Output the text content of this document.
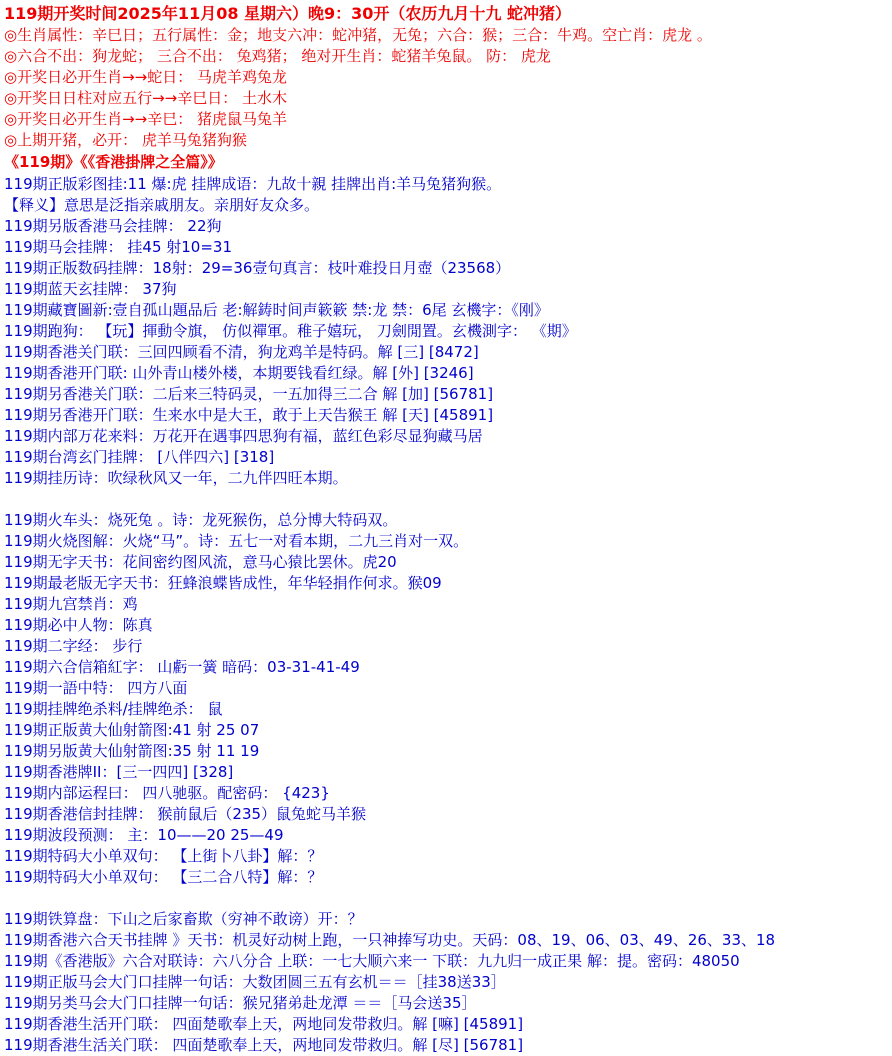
119期开奖时间2025年11月08 星期六）晚9：30开（农历九月十九 蛇冲猪）
◎生肖属性：辛巳日；五行属性：金；地支六冲：蛇冲猪，无兔；六合：猴；三合：牛鸡。空亡肖：虎龙 。
◎六合不出：狗龙蛇； 三合不出： 兔鸡猪； 绝对开生肖：蛇猪羊兔鼠。 防： 虎龙
◎开奖日必开生肖→→蛇日： 马虎羊鸡兔龙
◎开奖日日柱对应五行→→辛巳日： 土水木
◎开奖日必开生肖→→辛巳： 猪虎鼠马兔羊
◎上期开猪，必开： 虎羊马兔猪狗猴
《119期》《《香港掛牌之全篇》》
119期正版彩图挂:11 爆:虎 挂牌成语：九故十親 挂牌出肖:羊马兔猪狗猴。
【释义】意思是泛指亲戚朋友。亲朋好友众多。
119期另版香港马会挂牌： 22狗
119期马会挂牌： 挂45 射10=31
119期正版数码挂牌：18射：29=36壹句真言：枝叶难投日月壺（23568）
119期蓝天玄挂牌： 37狗
119期藏寶圖新:壹自孤山題品后 老:解鋳时间声簌簌 禁:龙 禁：6尾 玄機字：《刚》
119期跑狗： 【玩】揮動令旗， 仿似禪軍。稚子嬉玩， 刀劍閒置。玄機測字： 《期》
119期香港关门联：三回四顾看不清，狗龙鸡羊是特码。解 [三] [8472]
119期香港开门联: 山外青山楼外楼，本期要钱看红绿。解 [外] [3246]
119期另香港关门联：二后来三特码灵，一五加得三二合 解 [加] [56781]
119期另香港开门联：生来水中是大王，敢于上天告猴王 解 [天] [45891]
119期内部万花来料：万花开在遇事四思狗有福，蓝红色彩尽显狗藏马居
119期台湾玄门挂牌： [八伴四六] [318]
119期挂历诗：吹绿秋风又一年，二九伴四旺本期。

119期火车头：烧死兔 。诗：龙死猴伤，总分博大特码双。
119期火烧图解：火烧“马”。诗：五七一对看本期，二九三肖对一双。
119期无字天书：花间密约图风流，意马心猿比罢休。虎20
119期最老版无字天书：狂蜂浪蝶皆成性，年华轻捐作何求。猴09
119期九宫禁肖：鸡
119期必中人物：陈真
119期二字经： 步行
119期六合信箱紅字： 山虧一簧 暗码：03-31-41-49
119期一語中特： 四方八面
119期挂牌绝杀料/挂牌绝杀： 鼠
119期正版黄大仙射箭图:41 射 25 07
119期另版黄大仙射箭图:35 射 11 19
119期香港牌II：[三一四四] [328]
119期内部运程曰： 四八驰驱。配密码： {423}
119期香港信封挂牌： 猴前鼠后（235）鼠兔蛇马羊猴
119期波段预测： 主：10——20 25—49
119期特码大小单双句： 【上街卜八卦】解：？
119期特码大小单双句： 【三二合八特】解：？

119期铁算盘：下山之后家畜欺（穷神不敢谤）开：？
119期香港六合天书挂牌 》天书：机灵好动树上跑，一只神捧写功史。天码：08、19、06、03、49、26、33、18
119期《香港版》六合对联诗：六八分合 上联：一七大顺六来一 下联：九九归一成正果 解：提。密码：48050
119期正版马会大门口挂牌一句话：大数团圆三五有玄机＝＝［挂38送33］
119期另类马会大门口挂牌一句话：猴兄猪弟赴龙潭 ＝＝［马会送35］
119期香港生活开门联： 四面楚歌奉上天，两地同发带救归。解 [嘛] [45891]
119期香港生活关门联： 四面楚歌奉上天，两地同发带救归。解 [尽] [56781]
